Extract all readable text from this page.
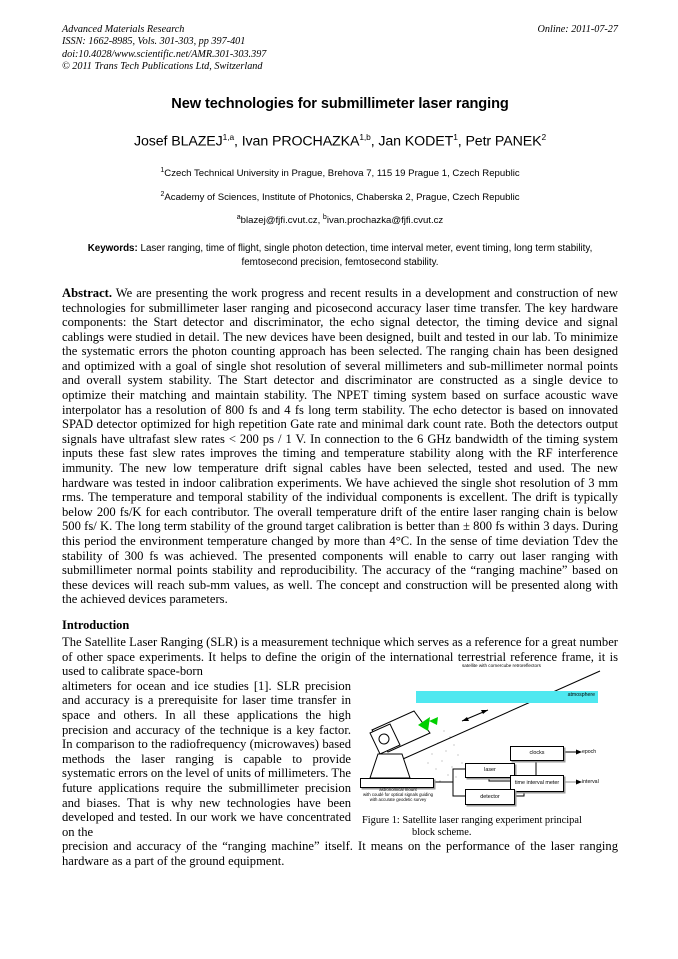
Advanced Materials Research
ISSN: 1662-8985, Vols. 301-303, pp 397-401
doi:10.4028/www.scientific.net/AMR.301-303.397
© 2011 Trans Tech Publications Ltd, Switzerland
Online: 2011-07-27
New technologies for submillimeter laser ranging
Josef BLAZEJ$^{1,a}$, Ivan PROCHAZKA$^{1,b}$, Jan KODET$^1$, Petr PANEK$^2$
$^1$Czech Technical University in Prague, Brehova 7, 115 19 Prague 1, Czech Republic
$^2$Academy of Sciences, Institute of Photonics, Chaberska 2, Prague, Czech Republic
$^a$blazej@fjfi.cvut.cz, $^b$ivan.prochazka@fjfi.cvut.cz
Keywords: Laser ranging, time of flight, single photon detection, time interval meter, event timing, long term stability, femtosecond precision, femtosecond stability.
Abstract. We are presenting the work progress and recent results in a development and construction of new technologies for submillimeter laser ranging and picosecond accuracy laser time transfer. The key hardware components: the Start detector and discriminator, the echo signal detector, the timing device and signal cablings were studied in detail. The new devices have been designed, built and tested in our lab. To minimize the systematic errors the photon counting approach has been selected. The ranging chain has been designed and optimized with a goal of single shot resolution of several millimeters and sub-millimeter normal points and overall system stability. The Start detector and discriminator are constructed as a single device to optimize their matching and maintain stability. The NPET timing system based on surface acoustic wave interpolator has a resolution of 800 fs and 4 fs long term stability. The echo detector is based on innovated SPAD detector optimized for high repetition Gate rate and minimal dark count rate. Both the detectors output signals have ultrafast slew rates < 200 ps / 1 V. In connection to the 6 GHz bandwidth of the timing system inputs these fast slew rates improves the timing and temperature stability along with the RF interference immunity. The new low temperature drift signal cables have been selected, tested and used. The new hardware was tested in indoor calibration experiments. We have achieved the single shot resolution of 3 mm rms. The temperature and temporal stability of the individual components is excellent. The drift is typically below 200 fs/K for each contributor. The overall temperature drift of the entire laser ranging chain is below 500 fs/ K. The long term stability of the ground target calibration is better than ± 800 fs within 3 days. During this period the environment temperature changed by more than 4°C. In the sense of time deviation Tdev the stability of 300 fs was achieved. The presented components will enable to carry out laser ranging with submillimeter normal points stability and reproducibility. The accuracy of the “ranging machine” based on these devices will reach sub-mm values, as well. The concept and construction will be presented along with the achieved devices parameters.
Introduction
The Satellite Laser Ranging (SLR) is a measurement technique which serves as a reference for a great number of other space experiments. It helps to define the origin of the international terrestrial reference frame, it is used to calibrate space-born
altimeters for ocean and ice studies [1]. SLR precision and accuracy is a prerequisite for laser time transfer in space and others. In all these applications the high precision and accuracy of the technique is a key factor. In comparison to the radiofrequency (microwaves) based methods the laser ranging is capable to provide systematic errors on the level of units of millimeters. The future applications require the submillimeter precision and biases. That is why new technologies have been developed and tested. In our work we have concentrated on the
atmosphere
satellite with cornercube retroreflectors
astronomical mount
with coudé for optical signals guiding
with accurate geodetic survey
clocks
laser
time interval meter
detector
epoch
interval
Figure 1: Satellite laser ranging experiment principal
block scheme.
precision and accuracy of the “ranging machine” itself. It means on the performance of the laser ranging hardware as a part of the ground equipment.
